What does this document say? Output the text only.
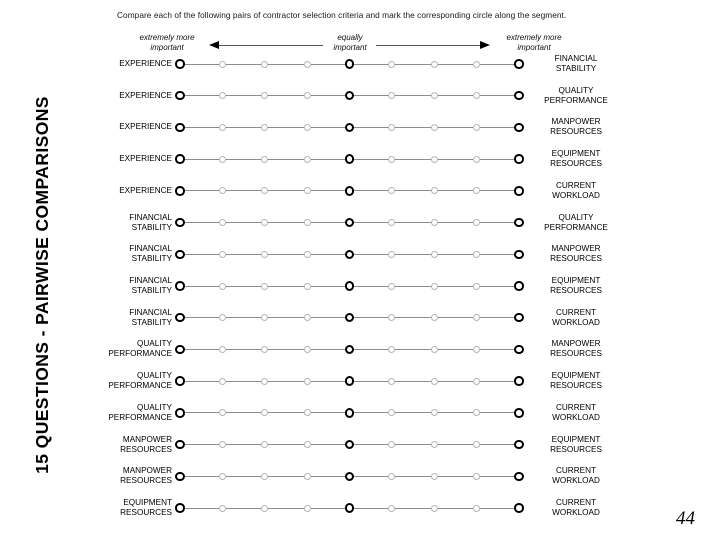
15 QUESTIONS - PAIRWISE COMPARISONS
Compare each of the following pairs of contractor selection criteria and mark the corresponding circle along the segment.
extremely more
important
equally
important
extremely more
important
EXPERIENCE
FINANCIAL
STABILITY
EXPERIENCE
QUALITY
PERFORMANCE
EXPERIENCE
MANPOWER
RESOURCES
EXPERIENCE
EQUIPMENT
RESOURCES
EXPERIENCE
CURRENT
WORKLOAD
FINANCIAL
STABILITY
QUALITY
PERFORMANCE
FINANCIAL
STABILITY
MANPOWER
RESOURCES
FINANCIAL
STABILITY
EQUIPMENT
RESOURCES
FINANCIAL
STABILITY
CURRENT
WORKLOAD
QUALITY
PERFORMANCE
MANPOWER
RESOURCES
QUALITY
PERFORMANCE
EQUIPMENT
RESOURCES
QUALITY
PERFORMANCE
CURRENT
WORKLOAD
MANPOWER
RESOURCES
EQUIPMENT
RESOURCES
MANPOWER
RESOURCES
CURRENT
WORKLOAD
EQUIPMENT
RESOURCES
CURRENT
WORKLOAD	44
